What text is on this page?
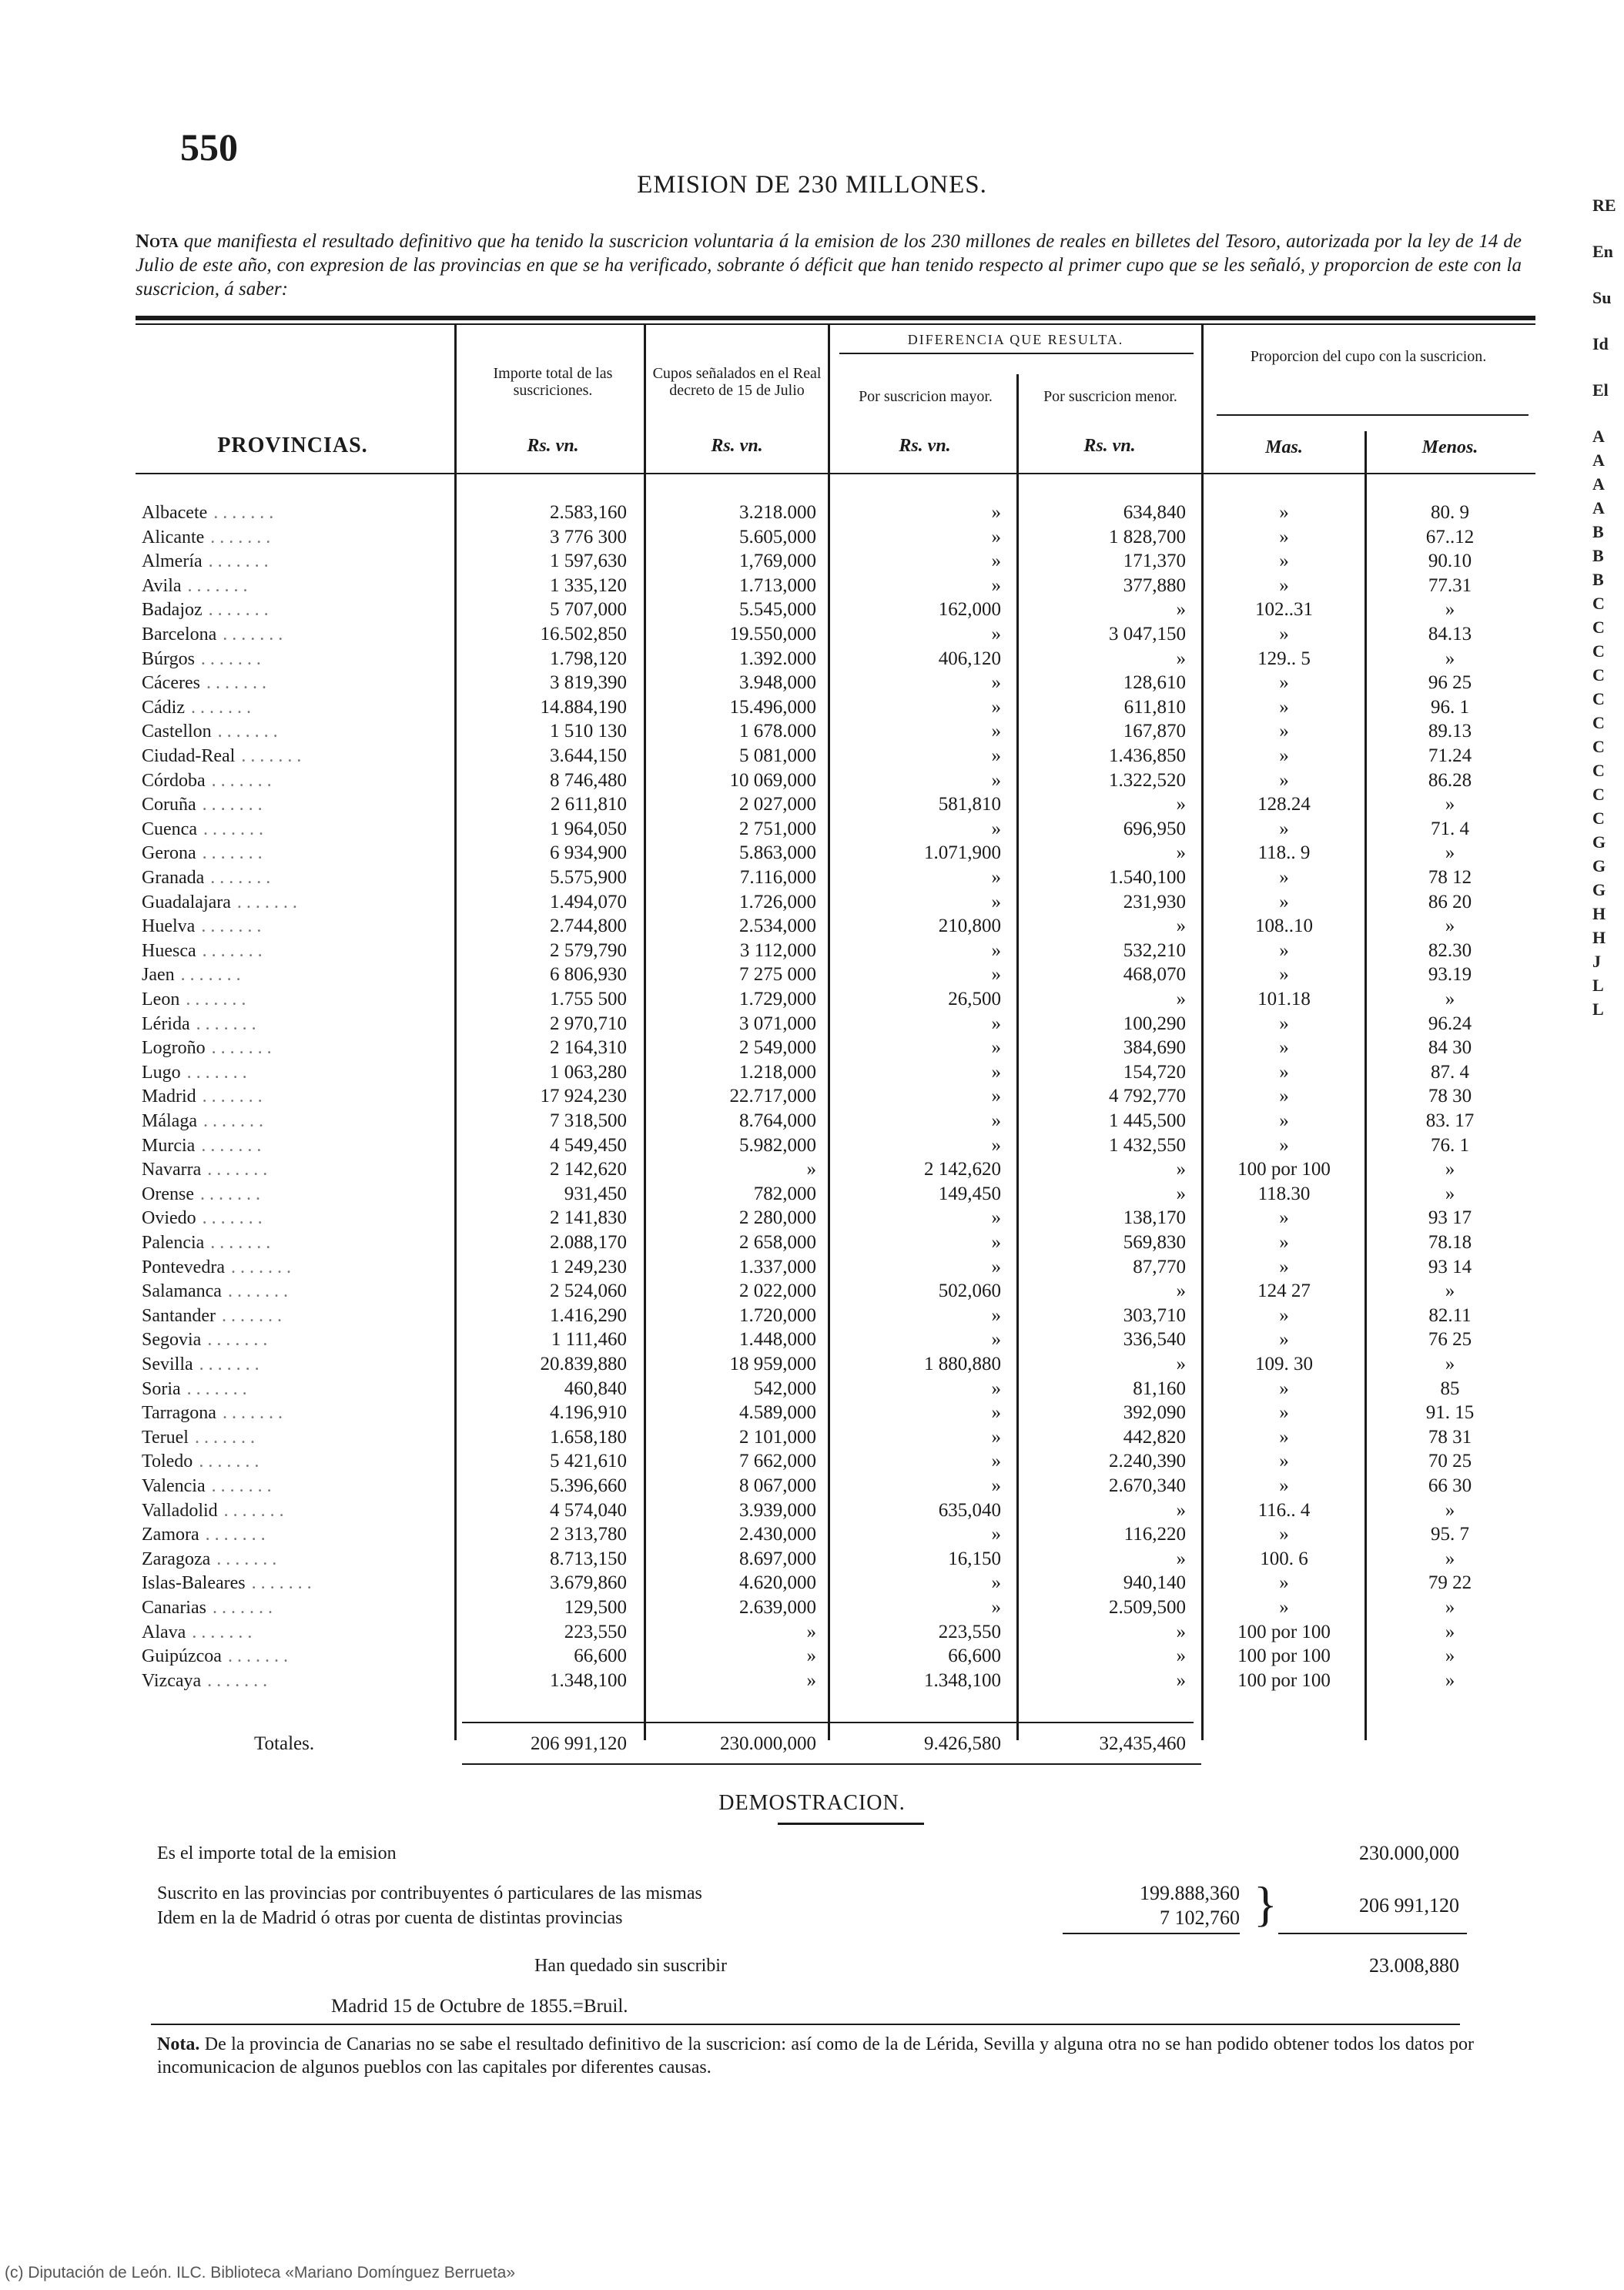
550
EMISION DE 230 MILLONES.
Nota que manifiesta el resultado definitivo que ha tenido la suscricion voluntaria á la emision de los 230 millones de reales en billetes del Tesoro, autorizada por la ley de 14 de Julio de este año, con expresion de las provincias en que se ha verificado, sobrante ó déficit que han tenido respecto al primer cupo que se les señaló, y proporcion de este con la suscricion, á saber:
Importe total de las suscriciones.
Cupos señalados en el Real decreto de 15 de Julio
DIFERENCIA QUE RESULTA.
Por suscricion mayor.	Por suscricion menor.
Proporcion del cupo con la suscricion.
PROVINCIAS.	Rs. vn.	Rs. vn.	Rs. vn.	Rs. vn.	Mas.	Menos.
Albacete .......	2.583,160	3.218.000	»	634,840	»	80. 9
Alicante .......	3 776 300	5.605,000	»	1 828,700	»	67..12
Almería .......	1 597,630	1,769,000	»	171,370	»	90.10
Avila .......	1 335,120	1.713,000	»	377,880	»	77.31
Badajoz .......	5 707,000	5.545,000	162,000	»	102..31	»
Barcelona .......	16.502,850	19.550,000	»	3 047,150	»	84.13
Búrgos .......	1.798,120	1.392.000	406,120	»	129.. 5	»
Cáceres .......	3 819,390	3.948,000	»	128,610	»	96 25
Cádiz .......	14.884,190	15.496,000	»	611,810	»	96. 1
Castellon .......	1 510 130	1 678.000	»	167,870	»	89.13
Ciudad-Real .......	3.644,150	5 081,000	»	1.436,850	»	71.24
Córdoba .......	8 746,480	10 069,000	»	1.322,520	»	86.28
Coruña .......	2 611,810	2 027,000	581,810	»	128.24	»
Cuenca .......	1 964,050	2 751,000	»	696,950	»	71. 4
Gerona .......	6 934,900	5.863,000	1.071,900	»	118.. 9	»
Granada .......	5.575,900	7.116,000	»	1.540,100	»	78 12
Guadalajara .......	1.494,070	1.726,000	»	231,930	»	86 20
Huelva .......	2.744,800	2.534,000	210,800	»	108..10	»
Huesca .......	2 579,790	3 112,000	»	532,210	»	82.30
Jaen .......	6 806,930	7 275 000	»	468,070	»	93.19
Leon .......	1.755 500	1.729,000	26,500	»	101.18	»
Lérida .......	2 970,710	3 071,000	»	100,290	»	96.24
Logroño .......	2 164,310	2 549,000	»	384,690	»	84 30
Lugo .......	1 063,280	1.218,000	»	154,720	»	87. 4
Madrid .......	17 924,230	22.717,000	»	4 792,770	»	78 30
Málaga .......	7 318,500	8.764,000	»	1 445,500	»	83. 17
Murcia .......	4 549,450	5.982,000	»	1 432,550	»	76. 1
Navarra .......	2 142,620	»	2 142,620	»	100 por 100	»
Orense .......	931,450	782,000	149,450	»	118.30	»
Oviedo .......	2 141,830	2 280,000	»	138,170	»	93 17
Palencia .......	2.088,170	2 658,000	»	569,830	»	78.18
Pontevedra .......	1 249,230	1.337,000	»	87,770	»	93 14
Salamanca .......	2 524,060	2 022,000	502,060	»	124 27	»
Santander .......	1.416,290	1.720,000	»	303,710	»	82.11
Segovia .......	1 111,460	1.448,000	»	336,540	»	76 25
Sevilla .......	20.839,880	18 959,000	1 880,880	»	109. 30	»
Soria .......	460,840	542,000	»	81,160	»	85
Tarragona .......	4.196,910	4.589,000	»	392,090	»	91. 15
Teruel .......	1.658,180	2 101,000	»	442,820	»	78 31
Toledo .......	5 421,610	7 662,000	»	2.240,390	»	70 25
Valencia .......	5.396,660	8 067,000	»	2.670,340	»	66 30
Valladolid .......	4 574,040	3.939,000	635,040	»	116.. 4	»
Zamora .......	2 313,780	2.430,000	»	116,220	»	95. 7
Zaragoza .......	8.713,150	8.697,000	16,150	»	100. 6	»
Islas-Baleares .......	3.679,860	4.620,000	»	940,140	»	79 22
Canarias .......	129,500	2.639,000	»	2.509,500	»	»
Alava .......	223,550	»	223,550	»	100 por 100	»
Guipúzcoa .......	66,600	»	66,600	»	100 por 100	»
Vizcaya .......	1.348,100	»	1.348,100	»	100 por 100	»
Totales.	206 991,120	230.000,000	9.426,580	32,435,460
DEMOSTRACION.
Es el importe total de la emision	230.000,000
Suscrito en las provincias por contribuyentes ó particulares de las mismas	199.888,360
Idem en la de Madrid ó otras por cuenta de distintas provincias	7 102,760 }	206 991,120
Han quedado sin suscribir	23.008,880
Madrid 15 de Octubre de 1855.=Bruil.
Nota. De la provincia de Canarias no se sabe el resultado definitivo de la suscricion: así como de la de Lérida, Sevilla y alguna otra no se han podido obtener todos los datos por incomunicacion de algunos pueblos con las capitales por diferentes causas.
(c) Diputación de León. ILC. Biblioteca «Mariano Domínguez Berrueta»
RE
En
Su
Id
El
A
A
A
A
B
B
B
C
C
C
C
C
C
C
C
C
C
G
G
G
H
H
J
L
L
